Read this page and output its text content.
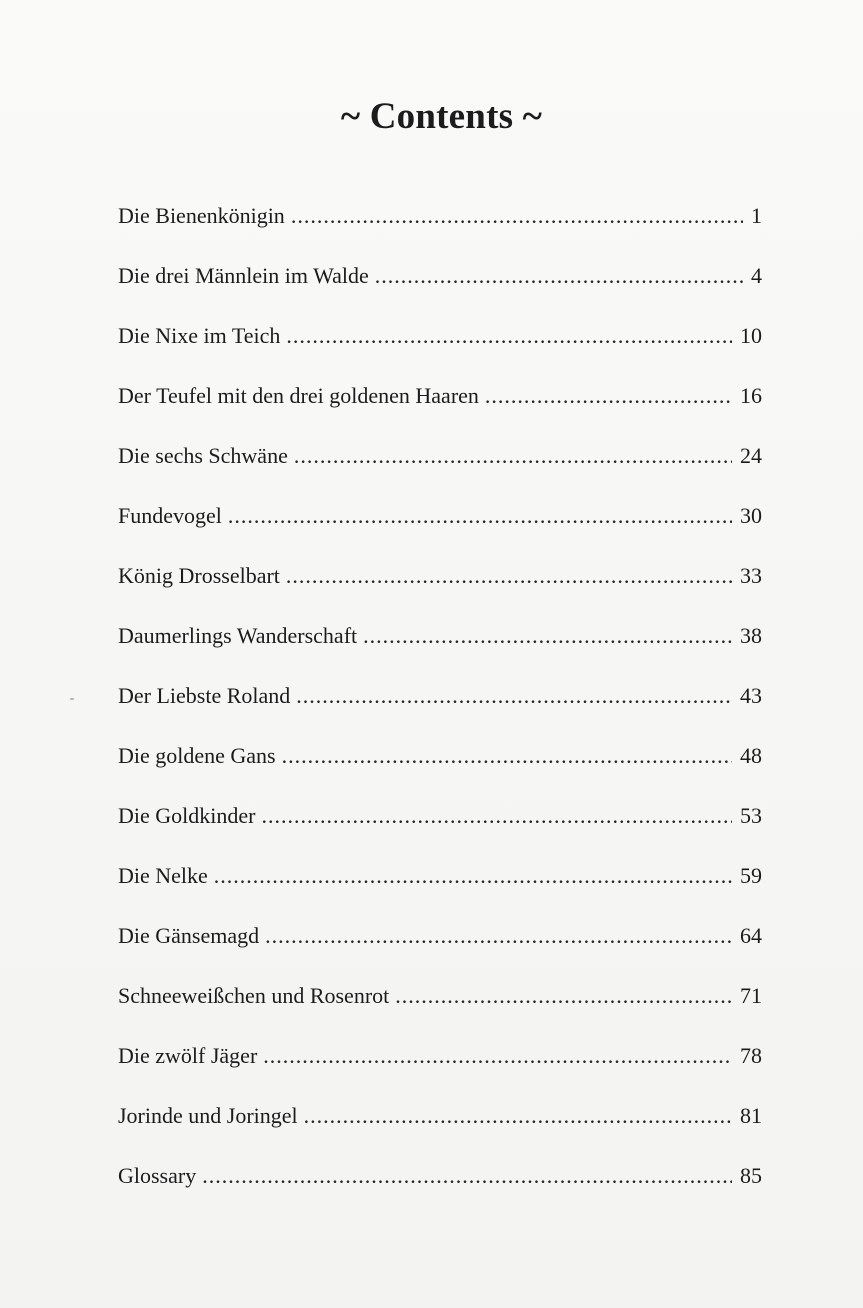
~ Contents ~
Die Bienenkönigin .....	1
Die drei Männlein im Walde .....	4
Die Nixe im Teich .....	10
Der Teufel mit den drei goldenen Haaren .....	16
Die sechs Schwäne .....	24
Fundevogel .....	30
König Drosselbart .....	33
Daumerlings Wanderschaft .....	38
Der Liebste Roland .....	43
Die goldene Gans .....	48
Die Goldkinder .....	53
Die Nelke .....	59
Die Gänsemagd .....	64
Schneeweißchen und Rosenrot .....	71
Die zwölf Jäger .....	78
Jorinde und Joringel .....	81
Glossary .....	85
